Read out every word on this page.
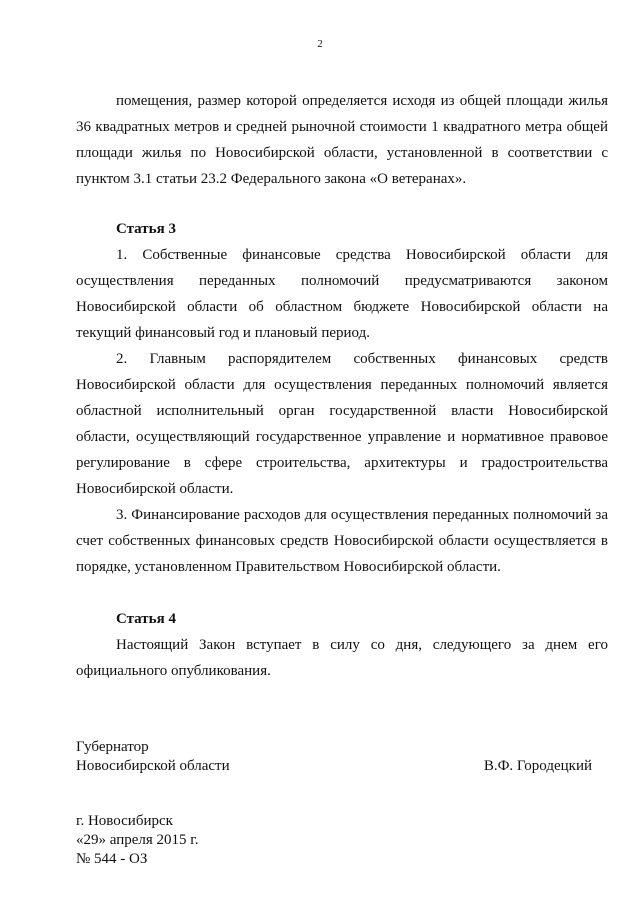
2

помещения, размер которой определяется исходя из общей площади жилья 36 квадратных метров и средней рыночной стоимости 1 квадратного метра общей площади жилья по Новосибирской области, установленной в соответствии с пунктом 3.1 статьи 23.2 Федерального закона «О ветеранах».

Статья 3

1. Собственные финансовые средства Новосибирской области для осуществления переданных полномочий предусматриваются законом Новосибирской области об областном бюджете Новосибирской области на текущий финансовый год и плановый период.

2. Главным распорядителем собственных финансовых средств Новосибирской области для осуществления переданных полномочий является областной исполнительный орган государственной власти Новосибирской области, осуществляющий государственное управление и нормативное правовое регулирование в сфере строительства, архитектуры и градостроительства Новосибирской области.

3. Финансирование расходов для осуществления переданных полномочий за счет собственных финансовых средств Новосибирской области осуществляется в порядке, установленном Правительством Новосибирской области.

Статья 4

Настоящий Закон вступает в силу со дня, следующего за днем его официального опубликования.

Губернатор
Новосибирской области	В.Ф. Городецкий
г. Новосибирск
«29» апреля 2015 г.
№ 544 - ОЗ
